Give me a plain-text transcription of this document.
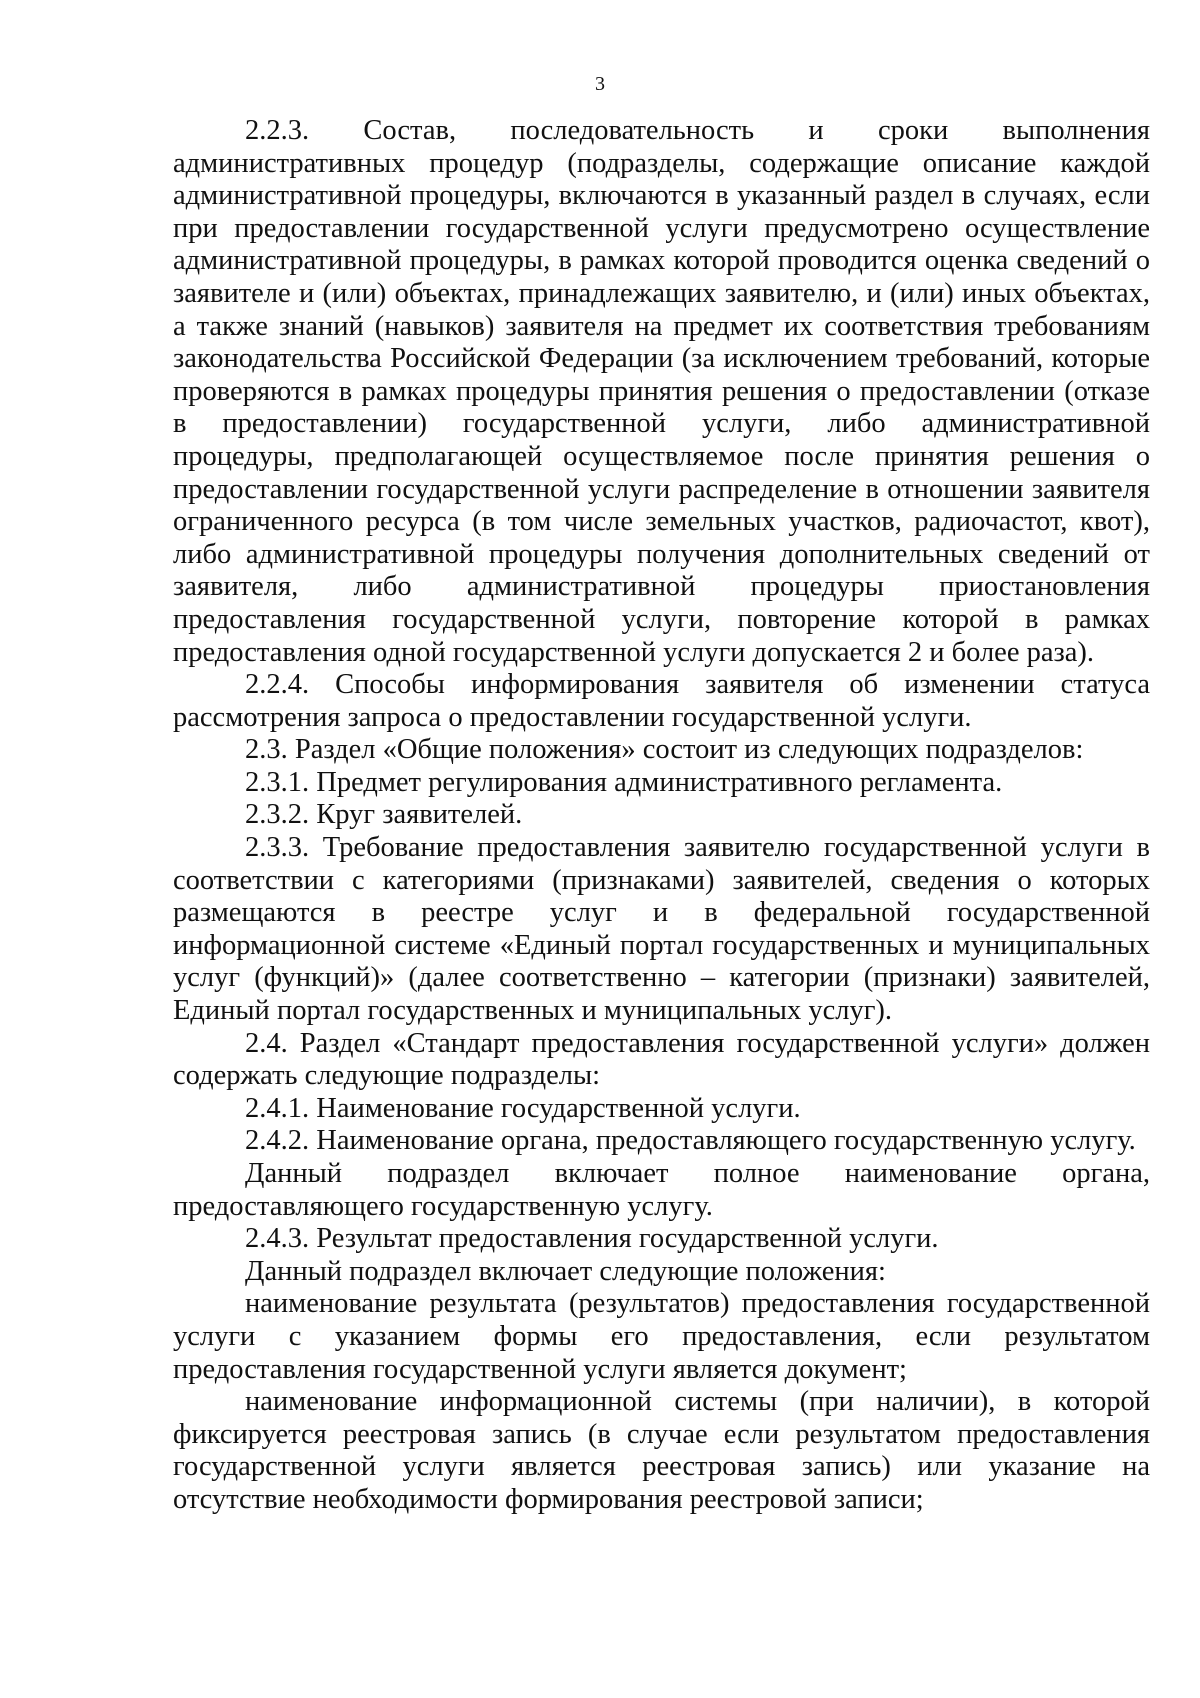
3

2.2.3. Состав, последовательность и сроки выполнения административных процедур (подразделы, содержащие описание каждой административной процедуры, включаются в указанный раздел в случаях, если при предоставлении государственной услуги предусмотрено осуществление административной процедуры, в рамках которой проводится оценка сведений о заявителе и (или) объектах, принадлежащих заявителю, и (или) иных объектах, а также знаний (навыков) заявителя на предмет их соответствия требованиям законодательства Российской Федерации (за исключением требований, которые проверяются в рамках процедуры принятия решения о предоставлении (отказе в предоставлении) государственной услуги, либо административной процедуры, предполагающей осуществляемое после принятия решения о предоставлении государственной услуги распределение в отношении заявителя ограниченного ресурса (в том числе земельных участков, радиочастот, квот), либо административной процедуры получения дополнительных сведений от заявителя, либо административной процедуры приостановления предоставления государственной услуги, повторение которой в рамках предоставления одной государственной услуги допускается 2 и более раза).

2.2.4. Способы информирования заявителя об изменении статуса рассмотрения запроса о предоставлении государственной услуги.

2.3. Раздел «Общие положения» состоит из следующих подразделов:

2.3.1. Предмет регулирования административного регламента.

2.3.2. Круг заявителей.

2.3.3. Требование предоставления заявителю государственной услуги в соответствии с категориями (признаками) заявителей, сведения о которых размещаются в реестре услуг и в федеральной государственной информационной системе «Единый портал государственных и муниципальных услуг (функций)» (далее соответственно – категории (признаки) заявителей, Единый портал государственных и муниципальных услуг).

2.4. Раздел «Стандарт предоставления государственной услуги» должен содержать следующие подразделы:

2.4.1. Наименование государственной услуги.

2.4.2. Наименование органа, предоставляющего государственную услугу.

Данный подраздел включает полное наименование органа, предоставляющего государственную услугу.

2.4.3. Результат предоставления государственной услуги.

Данный подраздел включает следующие положения:

наименование результата (результатов) предоставления государственной услуги с указанием формы его предоставления, если результатом предоставления государственной услуги является документ;

наименование информационной системы (при наличии), в которой фиксируется реестровая запись (в случае если результатом предоставления государственной услуги является реестровая запись) или указание на отсутствие необходимости формирования реестровой записи;
